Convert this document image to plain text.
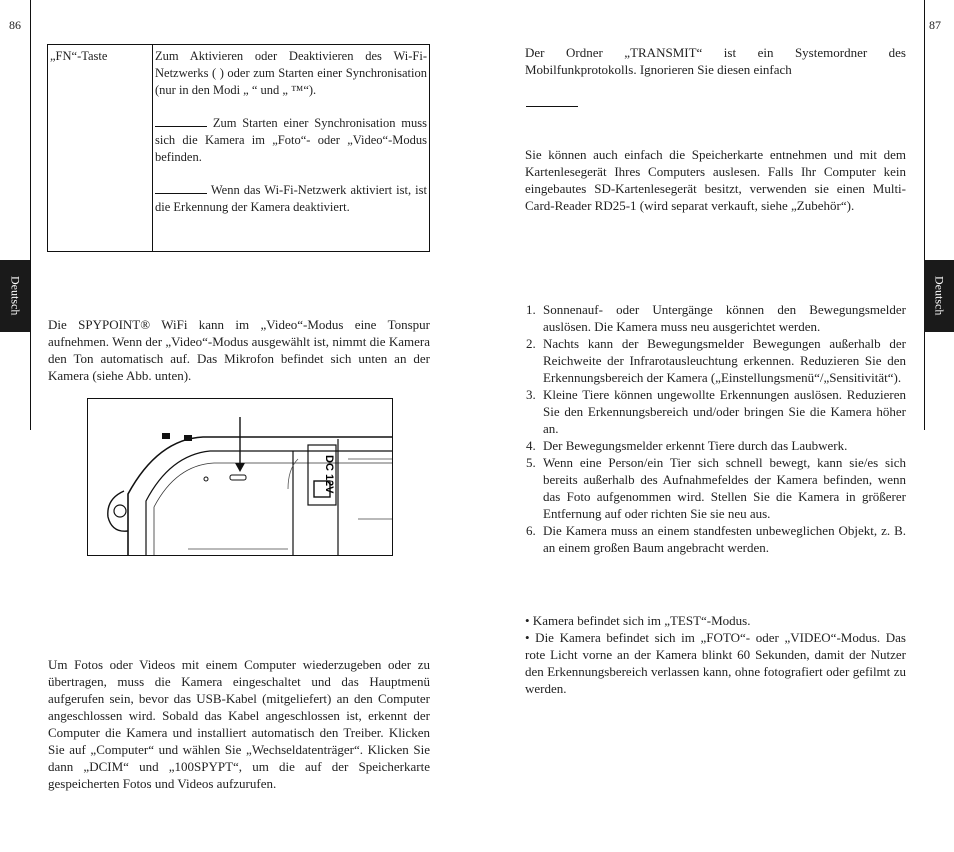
86
Deutsch
„FN“-Taste	Zum Aktivieren oder Deaktivieren des Wi-Fi-Netzwerks ( ) oder zum Starten einer Synchronisation (nur in den Modi „ “ und „ ™“).
Zum Starten einer Synchronisation muss sich die Kamera im „Foto“- oder „Video“-Modus befinden.
Wenn das Wi-Fi-Netzwerk aktiviert ist, ist die Erkennung der Kamera deaktiviert.
Die SPYPOINT® WiFi kann im „Video“-Modus eine Tonspur aufnehmen. Wenn der „Video“-Modus ausgewählt ist, nimmt die Kamera den Ton automatisch auf. Das Mikrofon befindet sich unten an der Kamera (siehe Abb. unten).
DC 12V
Um Fotos oder Videos mit einem Computer wiederzugeben oder zu übertragen, muss die Kamera eingeschaltet und das Hauptmenü aufgerufen sein, bevor das USB-Kabel (mitgeliefert) an den Computer angeschlossen wird. Sobald das Kabel angeschlossen ist, erkennt der Computer die Kamera und installiert automatisch den Treiber. Klicken Sie auf „Computer“ und wählen Sie „Wechseldatenträger“. Klicken Sie dann „DCIM“ und „100SPYPT“, um die auf der Speicherkarte gespeicherten Fotos und Videos aufzurufen.
87
Deutsch
Der Ordner „TRANSMIT“ ist ein Systemordner des Mobilfunkprotokolls. Ignorieren Sie diesen einfach
Sie können auch einfach die Speicherkarte entnehmen und mit dem Kartenlesegerät Ihres Computers auslesen. Falls Ihr Computer kein eingebautes SD-Kartenlesegerät besitzt, verwenden sie einen Multi-Card-Reader RD25-1 (wird separat verkauft, siehe „Zubehör“).
1. Sonnenauf- oder Untergänge können den Bewegungsmelder auslösen. Die Kamera muss neu ausgerichtet werden.
2. Nachts kann der Bewegungsmelder Bewegungen außerhalb der Reichweite der Infrarotausleuchtung erkennen. Reduzieren Sie den Erkennungsbereich der Kamera („Einstellungsmenü“/„Sensitivität“).
3. Kleine Tiere können ungewollte Erkennungen auslösen. Reduzieren Sie den Erkennungsbereich und/oder bringen Sie die Kamera höher an.
4. Der Bewegungsmelder erkennt Tiere durch das Laubwerk.
5. Wenn eine Person/ein Tier sich schnell bewegt, kann sie/es sich bereits außerhalb des Aufnahmefeldes der Kamera befinden, wenn das Foto aufgenommen wird. Stellen Sie die Kamera in größerer Entfernung auf oder richten Sie sie neu aus.
6. Die Kamera muss an einem standfesten unbeweglichen Objekt, z. B. an einem großen Baum angebracht werden.
• Kamera befindet sich im „TEST“-Modus.
• Die Kamera befindet sich im „FOTO“- oder „VIDEO“-Modus. Das rote Licht vorne an der Kamera blinkt 60 Sekunden, damit der Nutzer den Erkennungsbereich verlassen kann, ohne fotografiert oder gefilmt zu werden.
